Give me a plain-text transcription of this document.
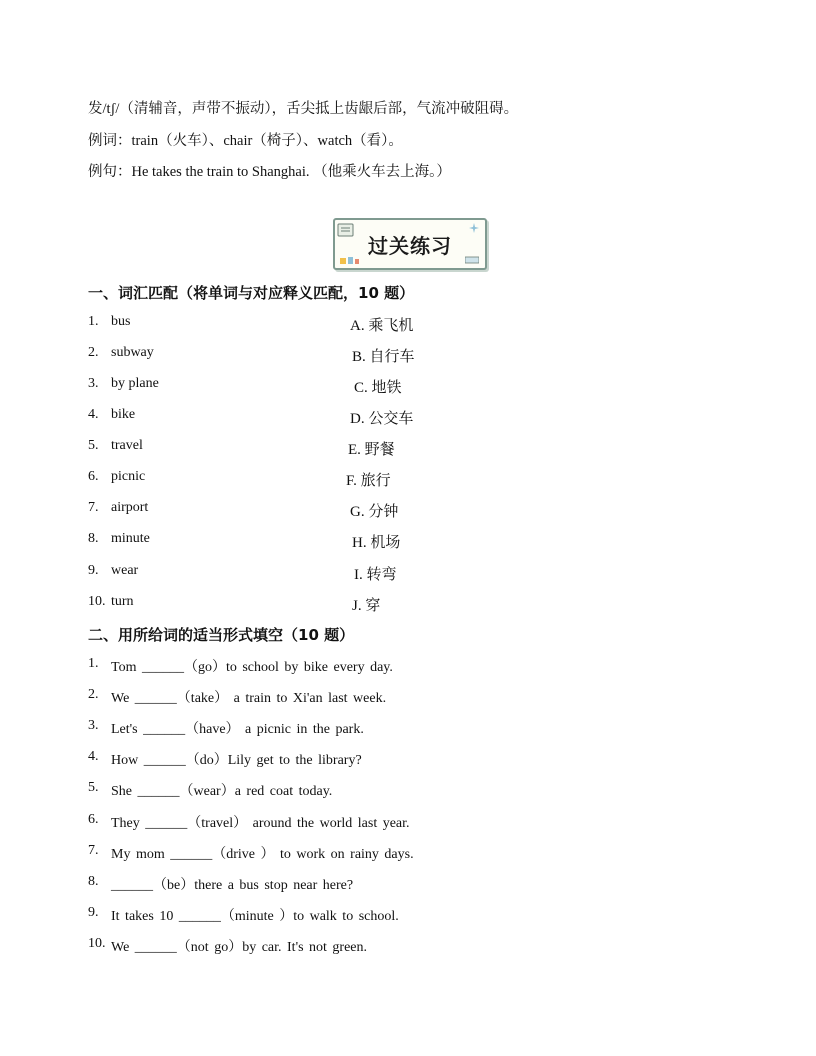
发/tʃ/（清辅音，声带不振动），舌尖抵上齿龈后部，气流冲破阻碍。
例词：train（火车）、chair（椅子）、watch（看）。
例句：He takes the train to Shanghai. （他乘火车去上海。）
过关练习
一、词汇匹配（将单词与对应释义匹配，10 题）
1. bus	A. 乘飞机
2. subway	B. 自行车
3. by plane	C. 地铁
4. bike	D. 公交车
5. travel	E. 野餐
6. picnic	F. 旅行
7. airport	G. 分钟
8. minute	H. 机场
9. wear	I. 转弯
10. turn	J. 穿
二、用所给词的适当形式填空（10 题）
1. Tom ______（go）to school by bike every day.
2. We ______（take） a train to Xi'an last week.
3. Let's ______（have） a picnic in the park.
4. How ______（do）Lily get to the library?
5. She ______（wear）a red coat today.
6. They ______（travel） around the world last year.
7. My mom ______（drive ） to work on rainy days.
8. ______（be）there a bus stop near here?
9. It takes 10 ______（minute ）to walk to school.
10. We ______（not go）by car. It's not green.
